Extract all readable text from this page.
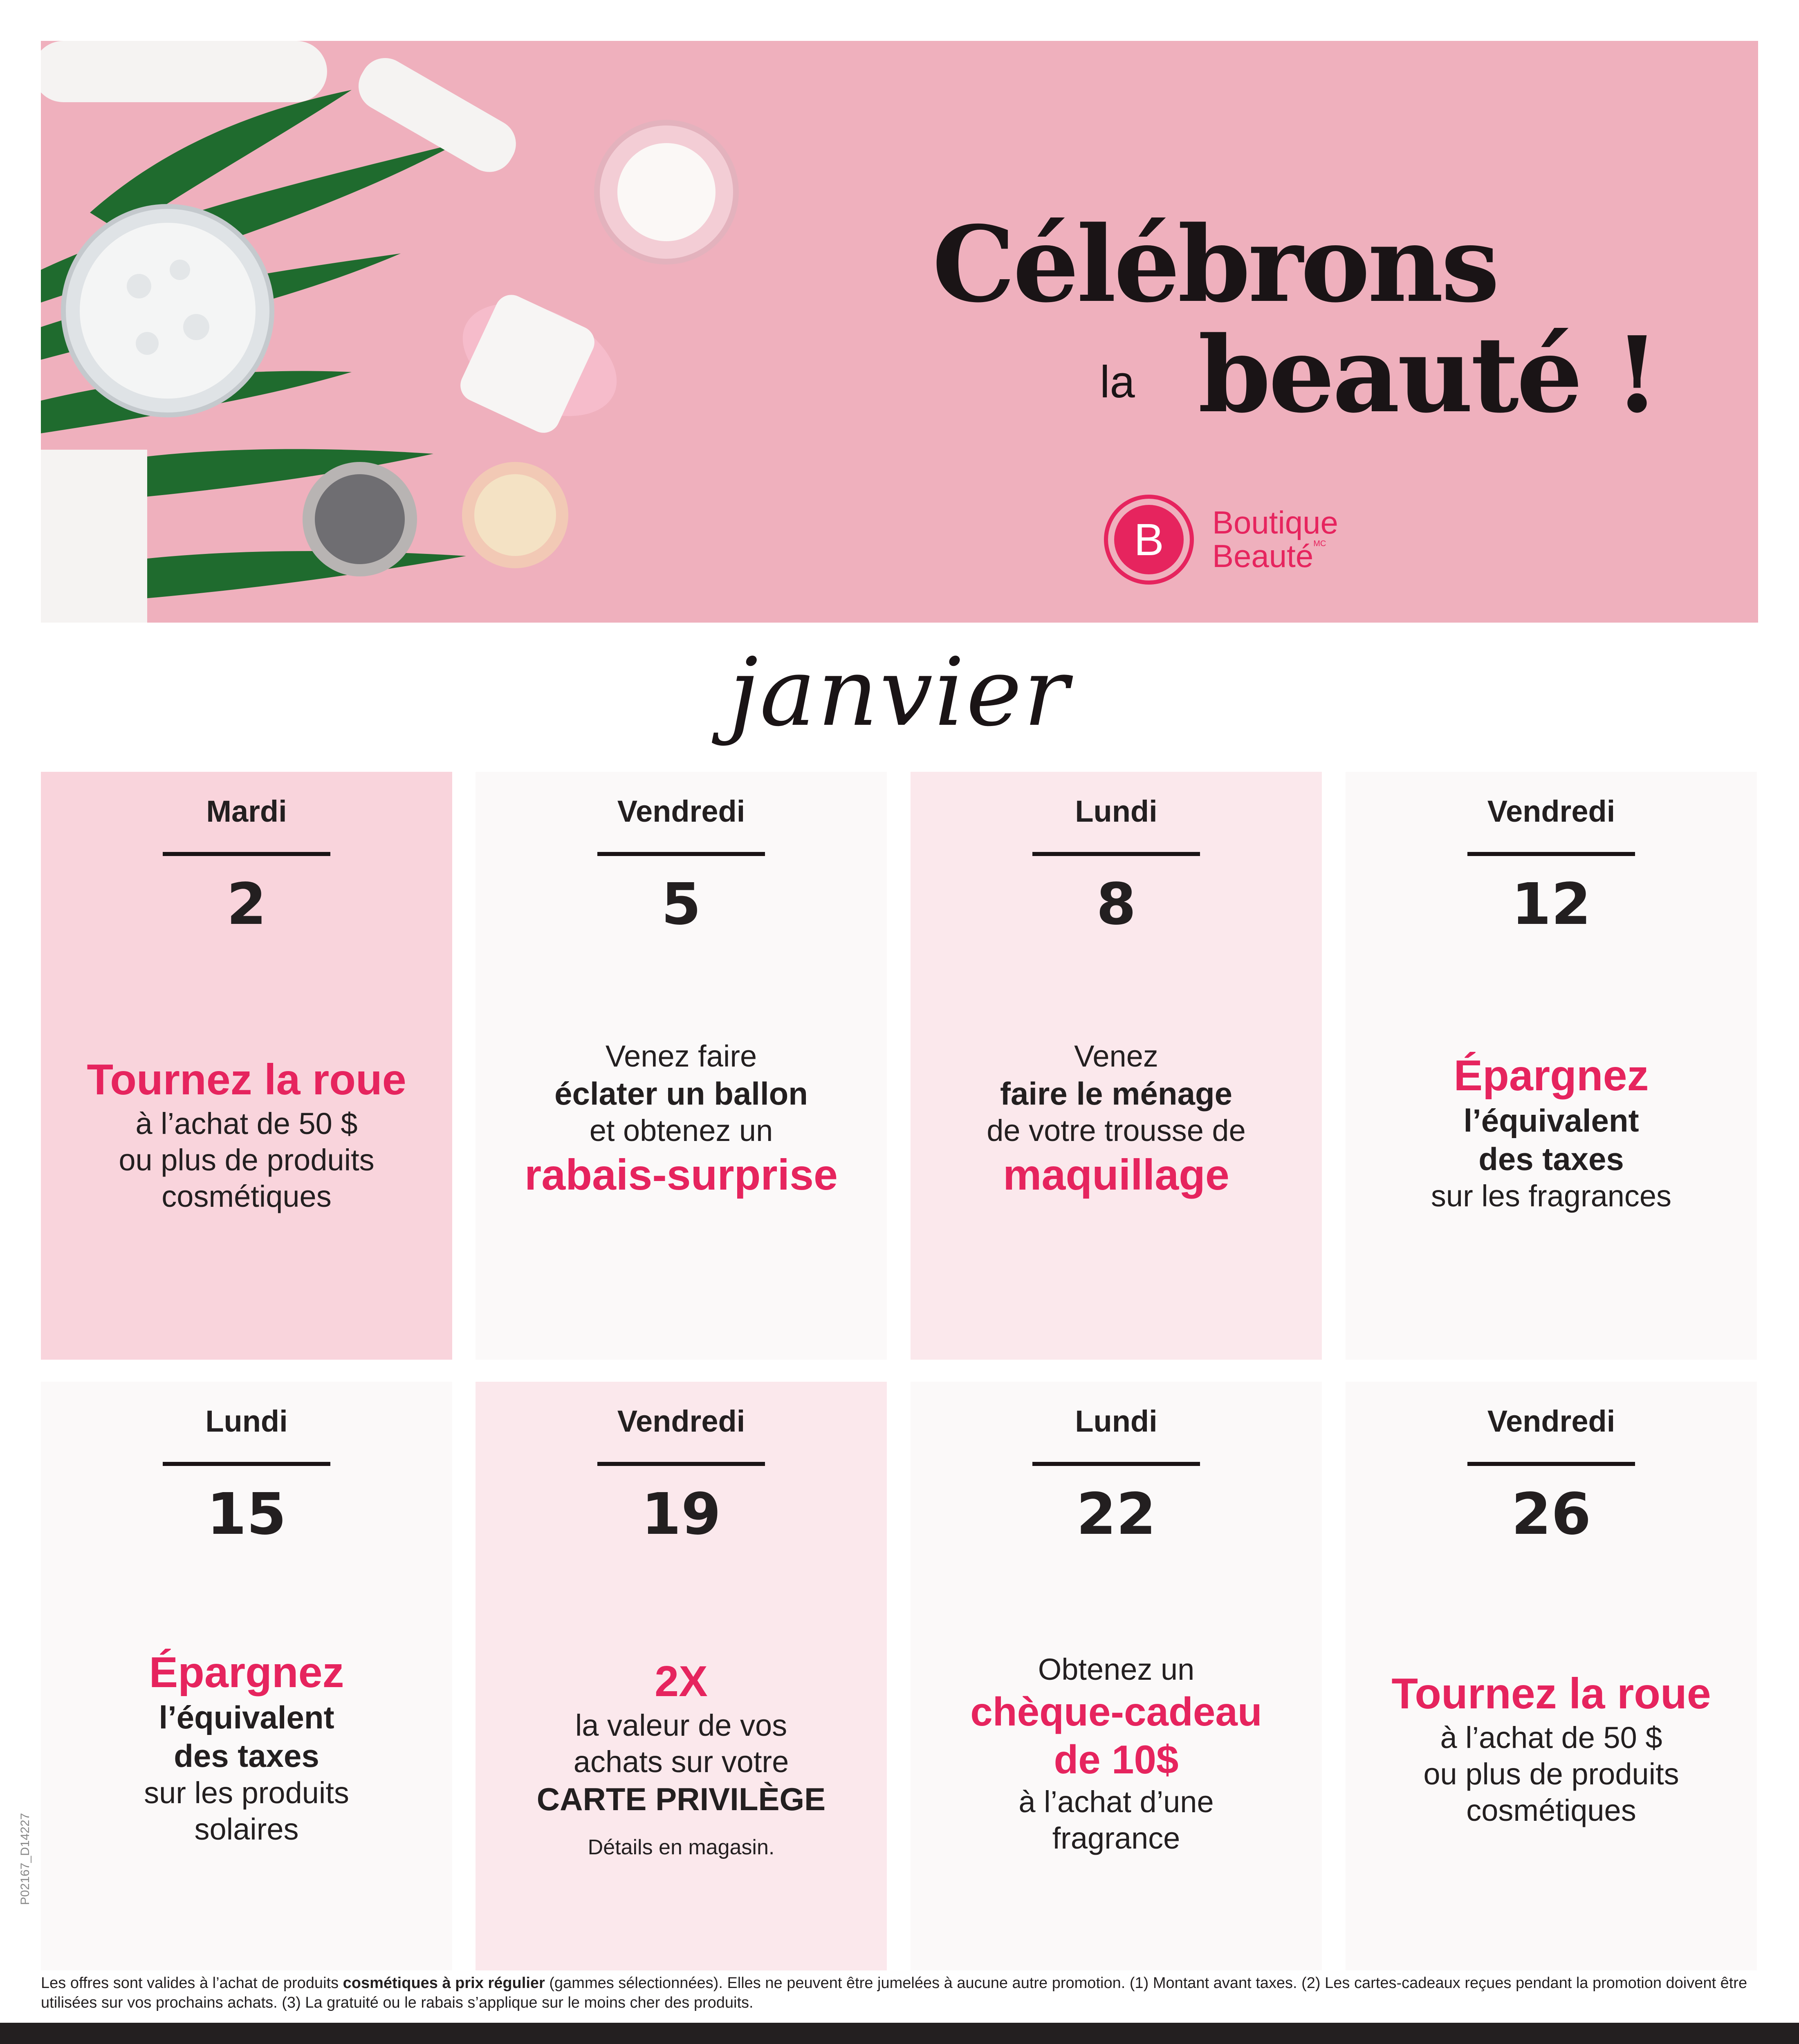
Célébrons
la beauté !
B	Boutique
Beauté$^{MC}$
janvier
Mardi
2
Tournez la roue
à l’achat de 50 $
ou plus de produits
cosmétiques
Vendredi
5
Venez faire
éclater un ballon
et obtenez un
rabais-surprise
Lundi
8
Venez
faire le ménage
de votre trousse de
maquillage
Vendredi
12
Épargnez
l’équivalent
des taxes
sur les fragrances
Lundi
15
Épargnez
l’équivalent
des taxes
sur les produits
solaires
Vendredi
19
2X
la valeur de vos
achats sur votre
CARTE PRIVILÈGE
Détails en magasin.
Lundi
22
Obtenez un
chèque-cadeau
de 10$
à l’achat d’une
fragrance
Vendredi
26
Tournez la roue
à l’achat de 50 $
ou plus de produits
cosmétiques
P02167_D14227
Les offres sont valides à l’achat de produits cosmétiques à prix régulier (gammes sélectionnées). Elles ne peuvent être jumelées à aucune autre promotion. (1) Montant avant taxes. (2) Les cartes-cadeaux reçues pendant la promotion doivent être utilisées sur vos prochains achats. (3) La gratuité ou le rabais s’applique sur le moins cher des produits.
